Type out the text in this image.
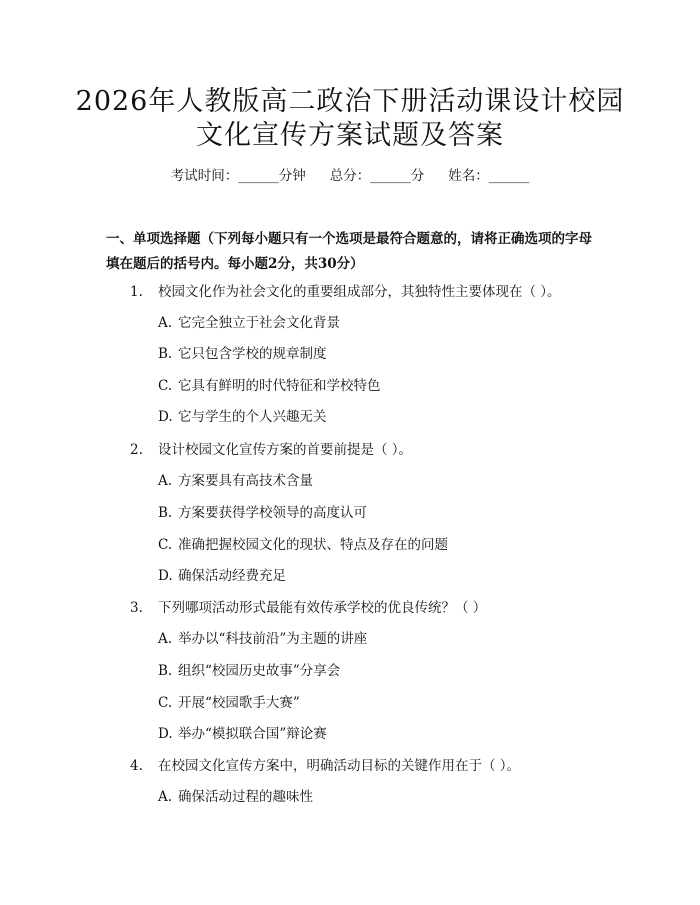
2026年人教版高二政治下册活动课设计校园
文化宣传方案试题及答案
考试时间：______分钟 总分：______分 姓名：______
一、单项选择题（下列每小题只有一个选项是最符合题意的，请将正确选项的字母填在题后的括号内。每小题2分，共30分）
1. 校园文化作为社会文化的重要组成部分，其独特性主要体现在（ ）。
A. 它完全独立于社会文化背景
B. 它只包含学校的规章制度
C. 它具有鲜明的时代特征和学校特色
D. 它与学生的个人兴趣无关
2. 设计校园文化宣传方案的首要前提是（ ）。
A. 方案要具有高技术含量
B. 方案要获得学校领导的高度认可
C. 准确把握校园文化的现状、特点及存在的问题
D. 确保活动经费充足
3. 下列哪项活动形式最能有效传承学校的优良传统？（ ）
A. 举办以“科技前沿”为主题的讲座
B. 组织“校园历史故事”分享会
C. 开展“校园歌手大赛”
D. 举办“模拟联合国”辩论赛
4. 在校园文化宣传方案中，明确活动目标的关键作用在于（ ）。
A. 确保活动过程的趣味性
